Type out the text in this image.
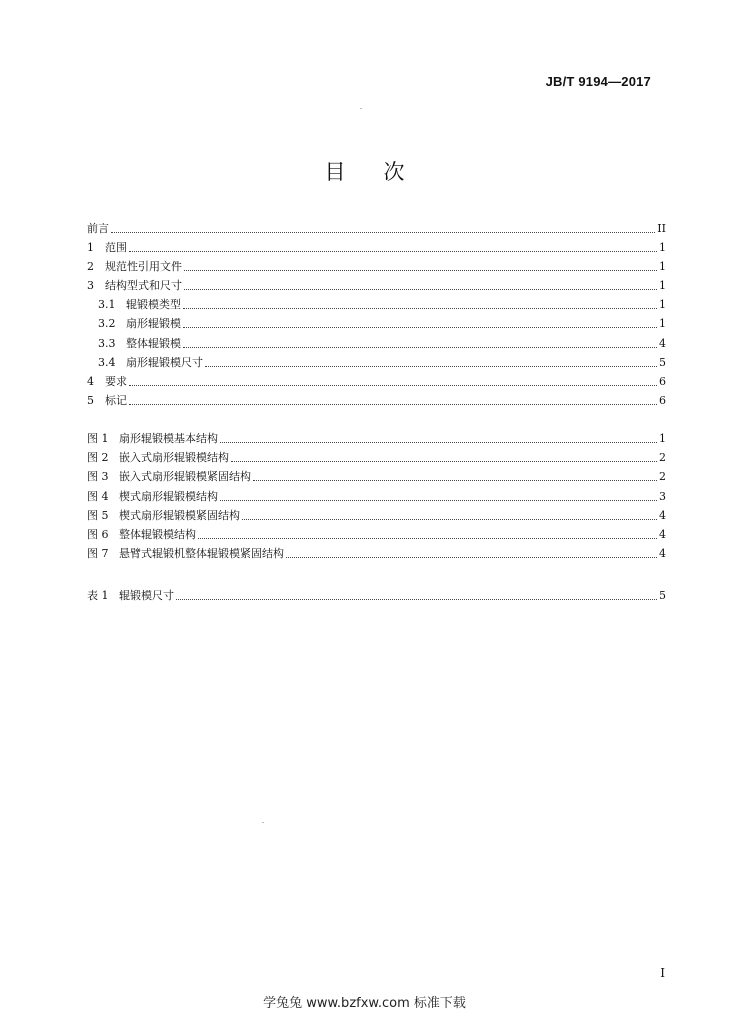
JB/T 9194—2017
目 次
前言	II
1	范围	1
2	规范性引用文件	1
3	结构型式和尺寸	1
3.1 辊锻模类型	1
3.2 扇形辊锻模	1
3.3 整体辊锻模	4
3.4 扇形辊锻模尺寸	5
4	要求	6
5	标记	6
图 1 扇形辊锻模基本结构	1
图 2 嵌入式扇形辊锻模结构	2
图 3 嵌入式扇形辊锻模紧固结构	2
图 4 楔式扇形辊锻模结构	3
图 5 楔式扇形辊锻模紧固结构	4
图 6 整体辊锻模结构	4
图 7 悬臂式辊锻机整体辊锻模紧固结构	4
表 1 辊锻模尺寸	5
I
学兔兔 www.bzfxw.com 标准下载
